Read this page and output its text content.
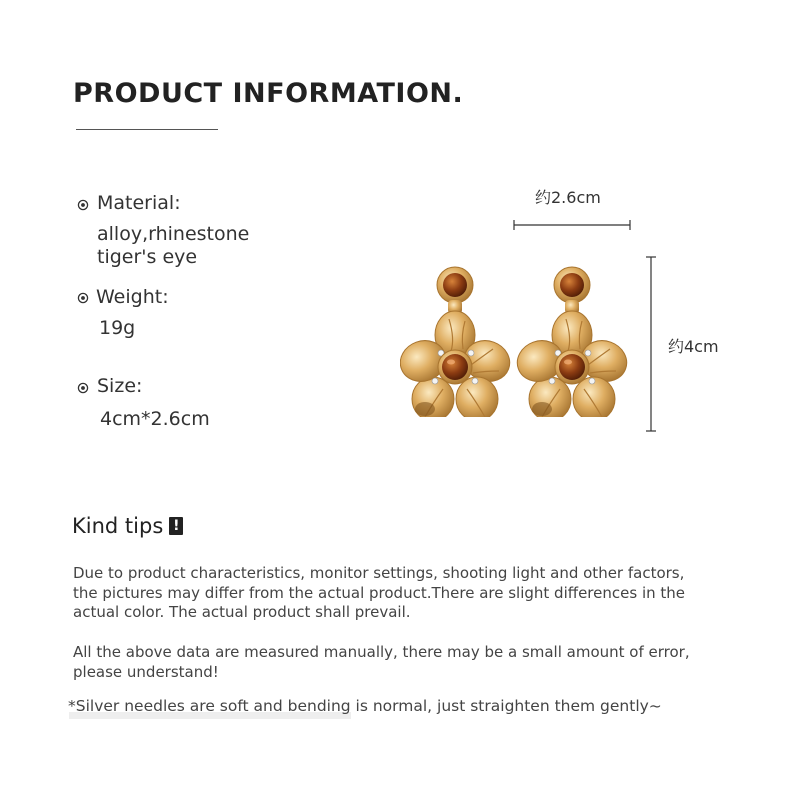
PRODUCT INFORMATION.
Material:
alloy,rhinestone
tiger's eye
Weight:
19g
Size:
4cm*2.6cm
约2.6cm
约4cm
Kind tips !

Due to product characteristics, monitor settings, shooting light and other factors, the pictures may differ from the actual product.There are slight differences in the actual color. The actual product shall prevail.

All the above data are measured manually, there may be a small amount of error, please understand!

*Silver needles are soft and bending is normal, just straighten them gently~
